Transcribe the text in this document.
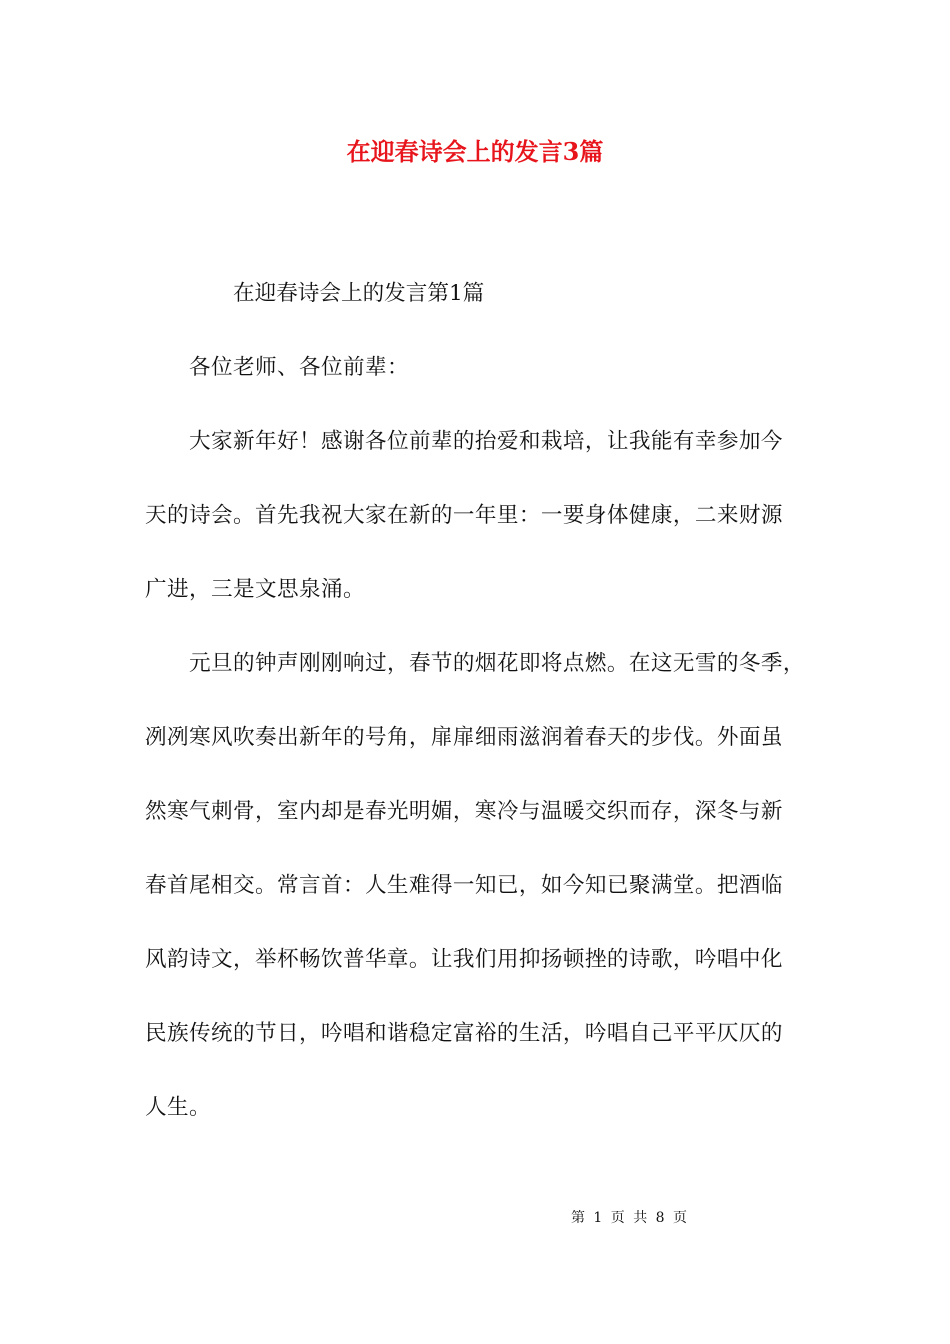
在迎春诗会上的发言3篇

在迎春诗会上的发言第1篇

各位老师、各位前辈：

大家新年好！感谢各位前辈的抬爱和栽培，让我能有幸参加今
天的诗会。首先我祝大家在新的一年里：一要身体健康，二来财源
广进，三是文思泉涌。
元旦的钟声刚刚响过，春节的烟花即将点燃。在这无雪的冬季，
冽冽寒风吹奏出新年的号角，扉扉细雨滋润着春天的步伐。外面虽
然寒气刺骨，室内却是春光明媚，寒冷与温暖交织而存，深冬与新
春首尾相交。常言首：人生难得一知已，如今知已聚满堂。把酒临
风韵诗文，举杯畅饮普华章。让我们用抑扬顿挫的诗歌，吟唱中化
民族传统的节日，吟唱和谐稳定富裕的生活，吟唱自己平平仄仄的
人生。

第 1 页 共 8 页
